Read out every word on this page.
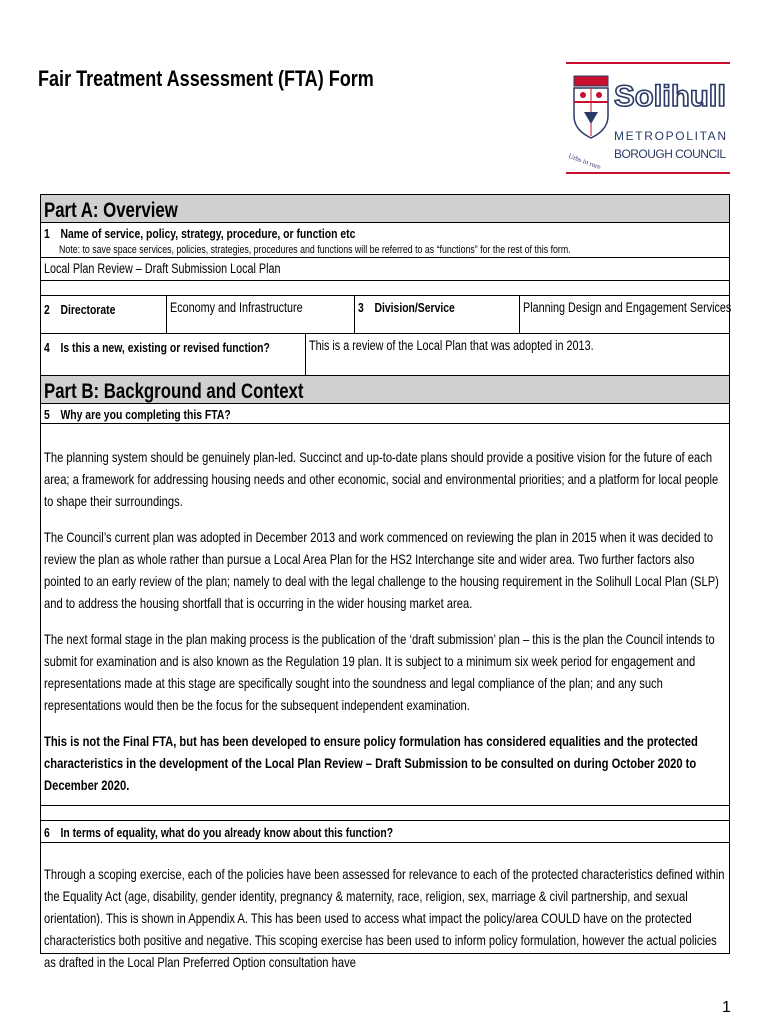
Fair Treatment Assessment (FTA) Form
Urbs in rure
Solihull
METROPOLITAN
BOROUGH COUNCIL
Part A: Overview
1 Name of service, policy, strategy, procedure, or function etc
Note: to save space services, policies, strategies, procedures and functions will be referred to as “functions” for the rest of this form.
Local Plan Review – Draft Submission Local Plan
2 Directorate	Economy and Infrastructure	3 Division/Service	Planning Design and Engagement Services
4 Is this a new, existing or revised function?	This is a review of the Local Plan that was adopted in 2013.
Part B: Background and Context
5 Why are you completing this FTA?
The planning system should be genuinely plan-led. Succinct and up-to-date plans should provide a positive vision for the future of each area; a framework for addressing housing needs and other economic, social and environmental priorities; and a platform for local people to shape their surroundings.
The Council’s current plan was adopted in December 2013 and work commenced on reviewing the plan in 2015 when it was decided to review the plan as whole rather than pursue a Local Area Plan for the HS2 Interchange site and wider area. Two further factors also pointed to an early review of the plan; namely to deal with the legal challenge to the housing requirement in the Solihull Local Plan (SLP) and to address the housing shortfall that is occurring in the wider housing market area.
The next formal stage in the plan making process is the publication of the ‘draft submission’ plan – this is the plan the Council intends to submit for examination and is also known as the Regulation 19 plan. It is subject to a minimum six week period for engagement and representations made at this stage are specifically sought into the soundness and legal compliance of the plan; and any such representations would then be the focus for the subsequent independent examination.
This is not the Final FTA, but has been developed to ensure policy formulation has considered equalities and the protected characteristics in the development of the Local Plan Review – Draft Submission to be consulted on during October 2020 to December 2020.
6 In terms of equality, what do you already know about this function?
Through a scoping exercise, each of the policies have been assessed for relevance to each of the protected characteristics defined within the Equality Act (age, disability, gender identity, pregnancy & maternity, race, religion, sex, marriage & civil partnership, and sexual orientation). This is shown in Appendix A. This has been used to access what impact the policy/area COULD have on the protected characteristics both positive and negative. This scoping exercise has been used to inform policy formulation, however the actual policies as drafted in the Local Plan Preferred Option consultation have
1
